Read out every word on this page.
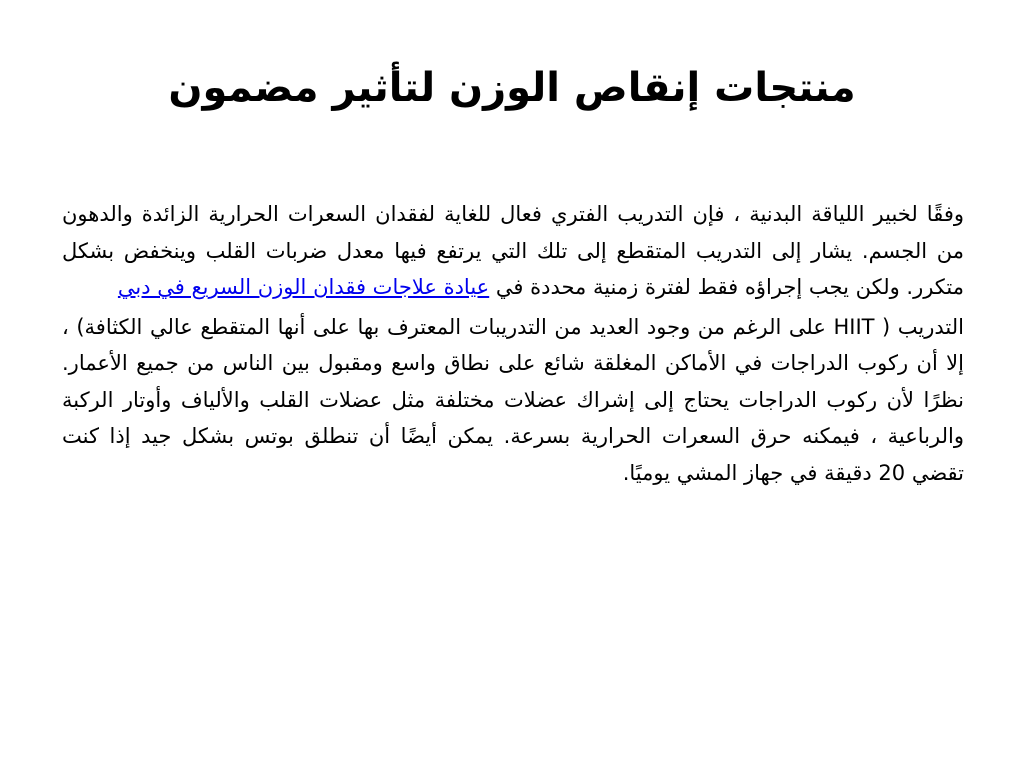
منتجات إنقاص الوزن لتأثير مضمون

وفقًا لخبير اللياقة البدنية ، فإن التدريب الفتري فعال للغاية لفقدان السعرات الحرارية الزائدة والدهون من الجسم. يشار إلى التدريب المتقطع إلى تلك التي يرتفع فيها معدل ضربات القلب وينخفض بشكل متكرر. ولكن يجب إجراؤه فقط لفترة زمنية محددة في عيادة علاجات فقدان الوزن السريع في دبي

التدريب ( HIIT على الرغم من وجود العديد من التدريبات المعترف بها على أنها المتقطع عالي الكثافة) ، إلا أن ركوب الدراجات في الأماكن المغلقة شائع على نطاق واسع ومقبول بين الناس من جميع الأعمار. نظرًا لأن ركوب الدراجات يحتاج إلى إشراك عضلات مختلفة مثل عضلات القلب والألياف وأوتار الركبة والرباعية ، فيمكنه حرق السعرات الحرارية بسرعة. يمكن أيضًا أن تنطلق بوتس بشكل جيد إذا كنت تقضي 20 دقيقة في جهاز المشي يوميًا.
